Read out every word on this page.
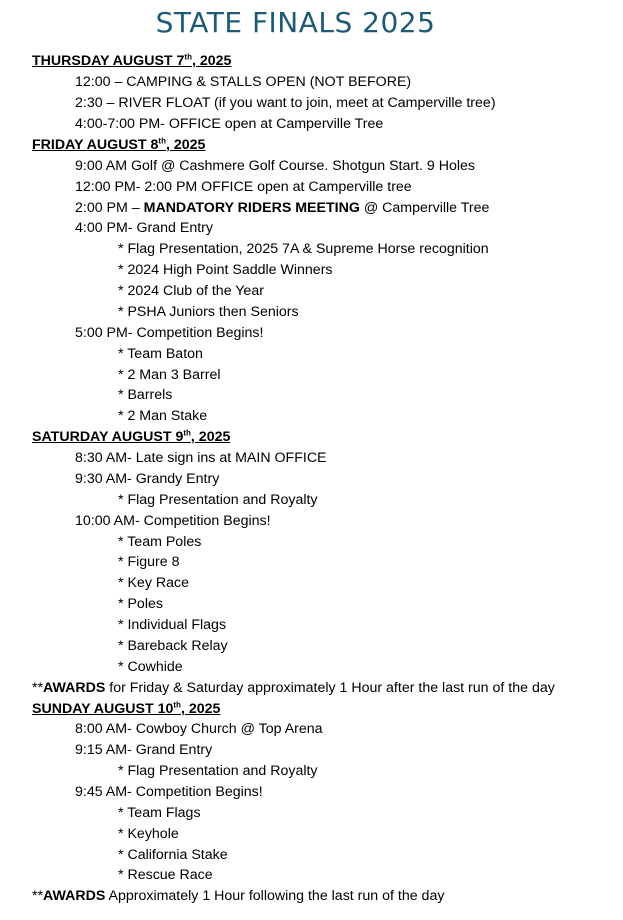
STATE FINALS 2025
THURSDAY AUGUST 7th, 2025
12:00 – CAMPING & STALLS OPEN (NOT BEFORE)
2:30 – RIVER FLOAT (if you want to join, meet at Camperville tree)
4:00-7:00 PM- OFFICE open at Camperville Tree
FRIDAY AUGUST 8th, 2025
9:00 AM Golf @ Cashmere Golf Course. Shotgun Start. 9 Holes
12:00 PM- 2:00 PM OFFICE open at Camperville tree
2:00 PM – MANDATORY RIDERS MEETING @ Camperville Tree
4:00 PM- Grand Entry
* Flag Presentation, 2025 7A & Supreme Horse recognition
* 2024 High Point Saddle Winners
* 2024 Club of the Year
* PSHA Juniors then Seniors
5:00 PM- Competition Begins!
* Team Baton
* 2 Man 3 Barrel
* Barrels
* 2 Man Stake
SATURDAY AUGUST 9th, 2025
8:30 AM- Late sign ins at MAIN OFFICE
9:30 AM- Grandy Entry
* Flag Presentation and Royalty
10:00 AM- Competition Begins!
* Team Poles
* Figure 8
* Key Race
* Poles
* Individual Flags
* Bareback Relay
* Cowhide
**AWARDS for Friday & Saturday approximately 1 Hour after the last run of the day
SUNDAY AUGUST 10th, 2025
8:00 AM- Cowboy Church @ Top Arena
9:15 AM- Grand Entry
* Flag Presentation and Royalty
9:45 AM- Competition Begins!
* Team Flags
* Keyhole
* California Stake
* Rescue Race
**AWARDS Approximately 1 Hour following the last run of the day
